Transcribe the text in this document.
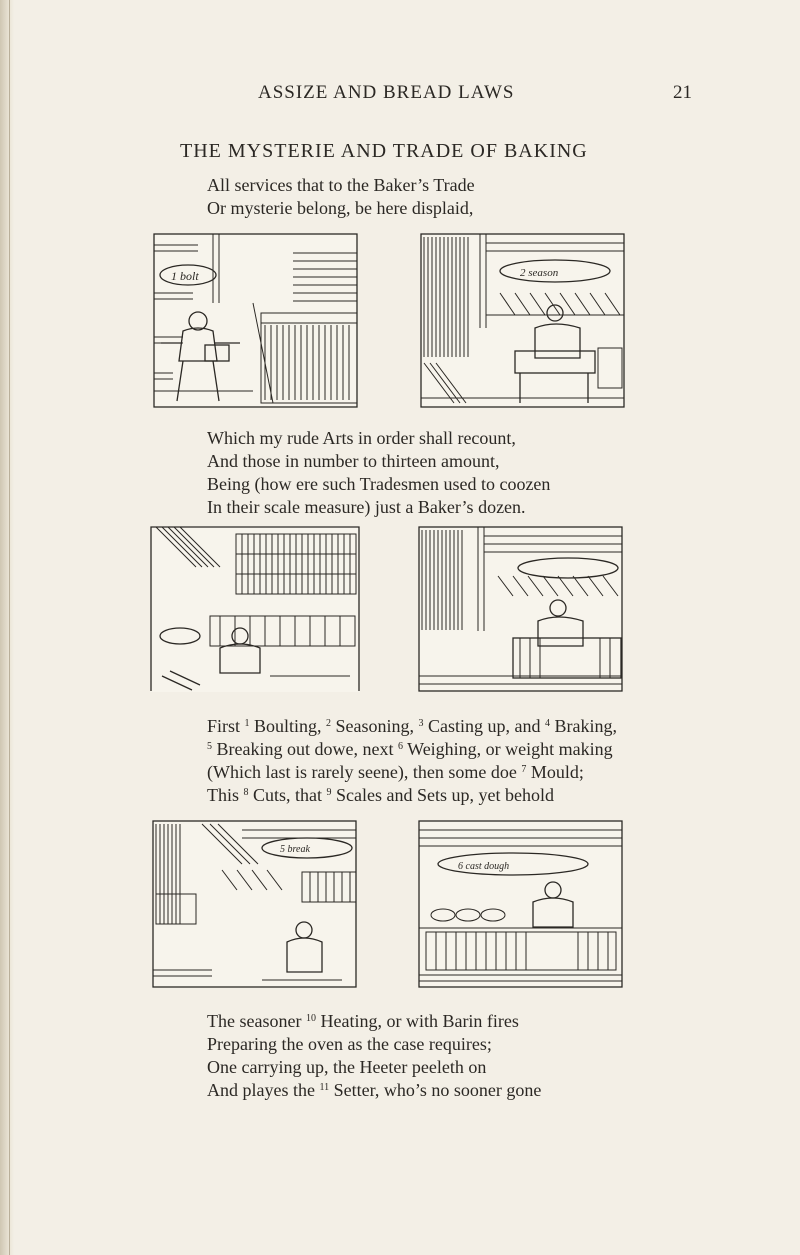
ASSIZE AND BREAD LAWS	21
THE MYSTERIE AND TRADE OF BAKING
All services that to the Baker’s Trade
Or mysterie belong, be here displaid,
1 bolt	2 season
Which my rude Arts in order shall recount,
And those in number to thirteen amount,
Being (how ere such Tradesmen used to coozen
In their scale measure) just a Baker’s dozen.
First $^1$ Boulting, $^2$ Seasoning, $^3$ Casting up, and $^4$ Braking,
$^5$ Breaking out dowe, next $^6$ Weighing, or weight making
(Which last is rarely seene), then some doe $^7$ Mould;
This $^8$ Cuts, that $^9$ Scales and Sets up, yet behold
5 break
6 cast dough
The seasoner $^{10}$ Heating, or with Barin fires
Preparing the oven as the case requires;
One carrying up, the Heeter peeleth on
And playes the $^{11}$ Setter, who’s no sooner gone
